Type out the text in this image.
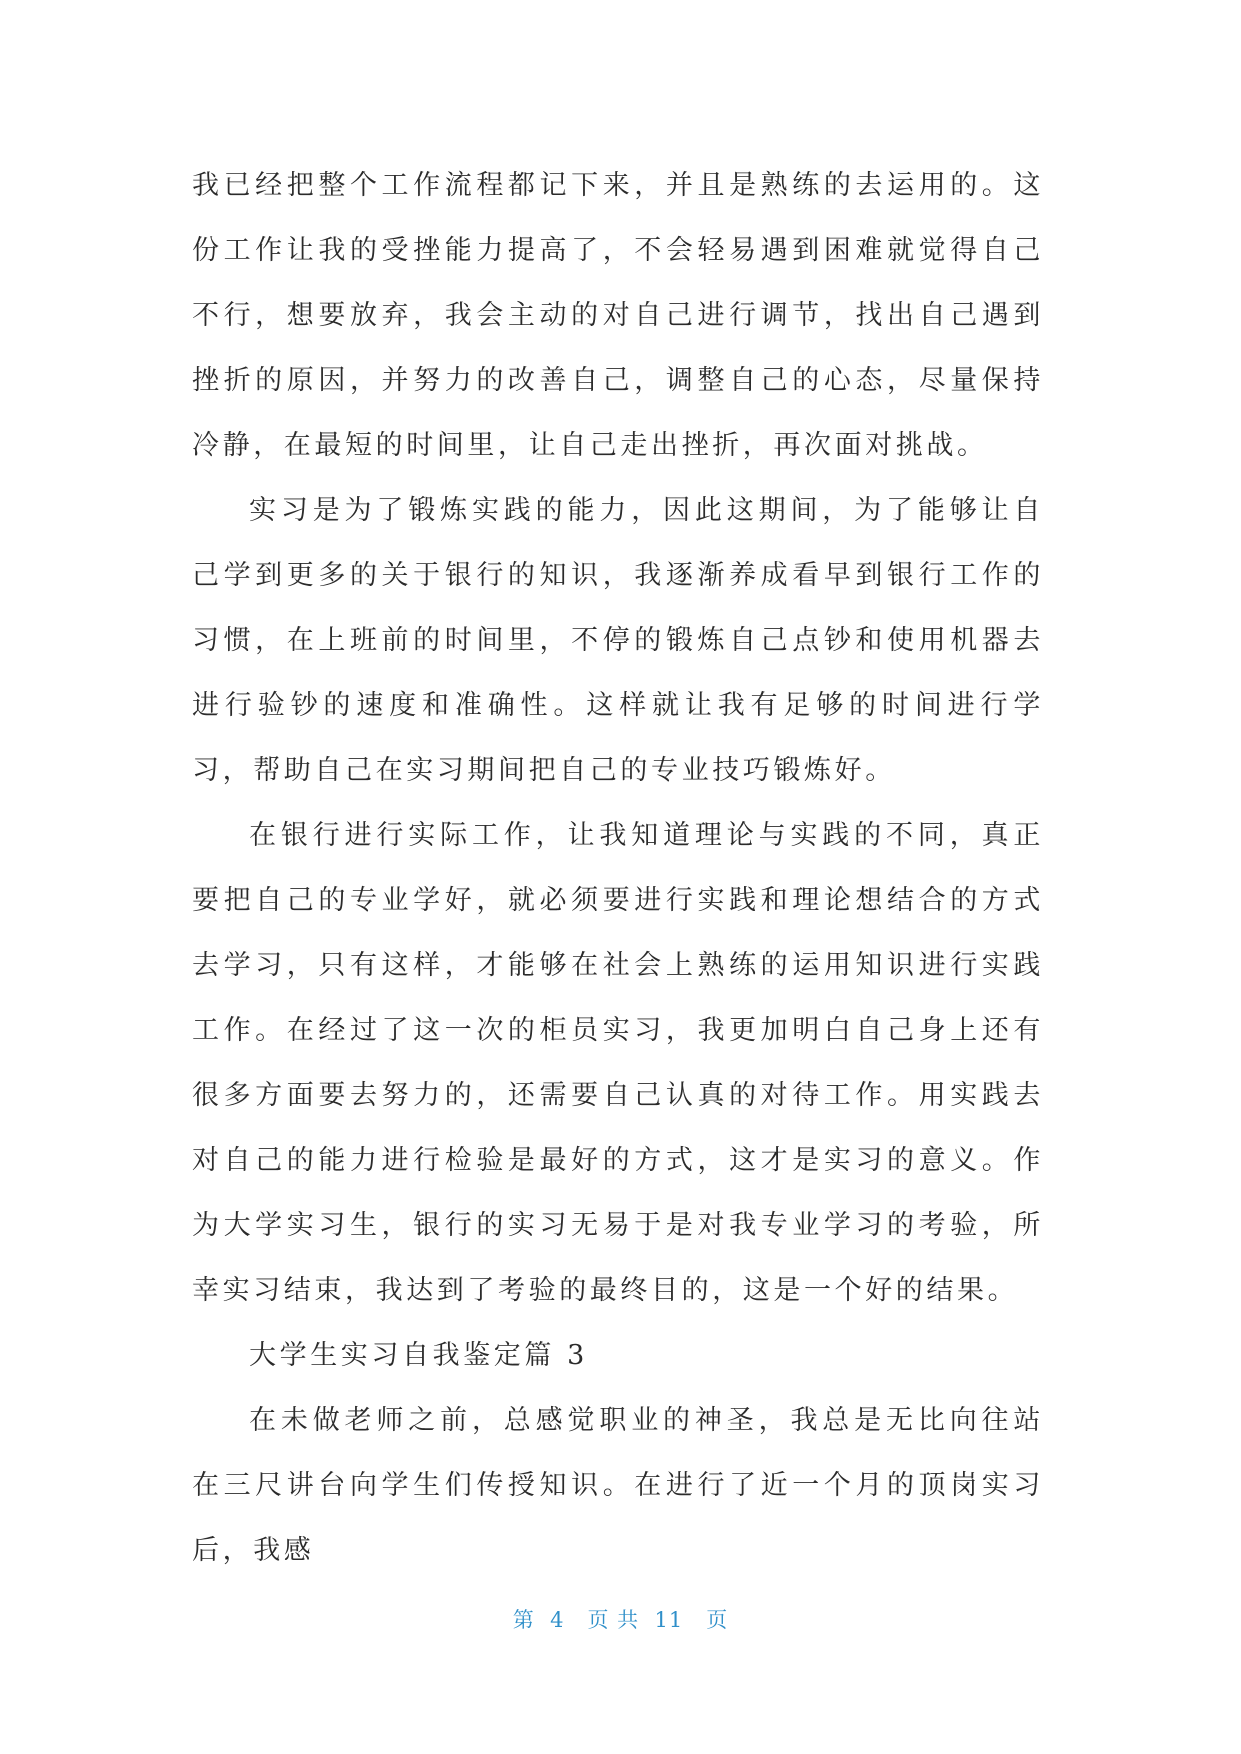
我已经把整个工作流程都记下来，并且是熟练的去运用的。这份工作让我的受挫能力提高了，不会轻易遇到困难就觉得自己不行，想要放弃，我会主动的对自己进行调节，找出自己遇到挫折的原因，并努力的改善自己，调整自己的心态，尽量保持冷静，在最短的时间里，让自己走出挫折，再次面对挑战。

实习是为了锻炼实践的能力，因此这期间，为了能够让自己学到更多的关于银行的知识，我逐渐养成看早到银行工作的习惯，在上班前的时间里，不停的锻炼自己点钞和使用机器去进行验钞的速度和准确性。这样就让我有足够的时间进行学习，帮助自己在实习期间把自己的专业技巧锻炼好。

在银行进行实际工作，让我知道理论与实践的不同，真正要把自己的专业学好，就必须要进行实践和理论想结合的方式去学习，只有这样，才能够在社会上熟练的运用知识进行实践工作。在经过了这一次的柜员实习，我更加明白自己身上还有很多方面要去努力的，还需要自己认真的对待工作。用实践去对自己的能力进行检验是最好的方式，这才是实习的意义。作为大学实习生，银行的实习无易于是对我专业学习的考验，所幸实习结束，我达到了考验的最终目的，这是一个好的结果。

大学生实习自我鉴定篇 3

在未做老师之前，总感觉职业的神圣，我总是无比向往站在三尺讲台向学生们传授知识。在进行了近一个月的顶岗实习后，我感

第  4   页 共  11   页
